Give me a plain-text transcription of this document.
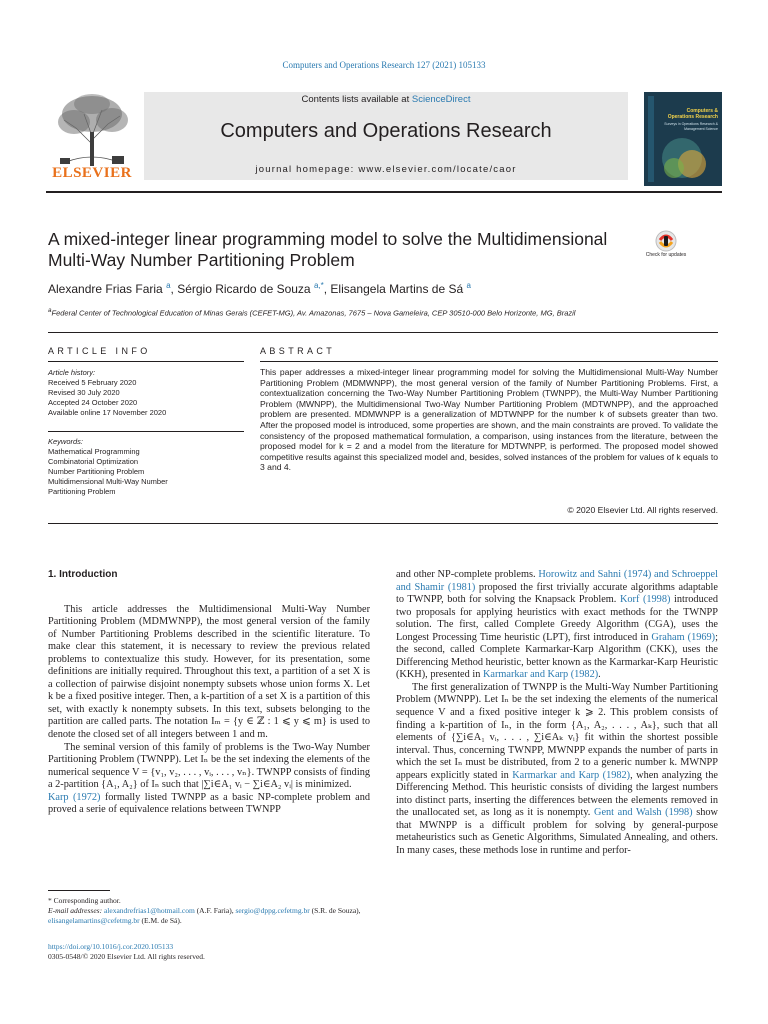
Computers and Operations Research 127 (2021) 105133
ELSEVIER
Contents lists available at ScienceDirect
Computers and Operations Research
journal homepage: www.elsevier.com/locate/caor
Computers & Operations Research
Surveys in Operations Research & Management Science
A mixed-integer linear programming model to solve the Multidimensional Multi-Way Number Partitioning Problem	Check for updates
Alexandre Frias Faria $^a$, Sérgio Ricardo de Souza $^{a,*}$, Elisangela Martins de Sá $^a$
$^a$Federal Center of Technological Education of Minas Gerais (CEFET-MG), Av. Amazonas, 7675 – Nova Gameleira, CEP 30510-000 Belo Horizonte, MG, Brazil
ARTICLE INFO	ABSTRACT
Article history:
Received 5 February 2020
Revised 30 July 2020
Accepted 24 October 2020
Available online 17 November 2020
Keywords:
Mathematical Programming
Combinatorial Optimization
Number Partitioning Problem
Multidimensional Multi-Way Number
Partitioning Problem

This paper addresses a mixed-integer linear programming model for solving the Multidimensional Multi-Way Number Partitioning Problem (MDMWNPP), the most general version of the family of Number Partitioning Problems. First, a contextualization concerning the Two-Way Number Partitioning Problem (TWNPP), the Multi-Way Number Partitioning Problem (MWNPP), the Multidimensional Two-Way Number Partitioning Problem (MDTWNPP), and the approached problem are presented. MDMWNPP is a generalization of MDTWNPP for the number k of subsets greater than two. After the proposed model is introduced, some properties are shown, and the main constraints are proved. To validate the consistency of the proposed mathematical formulation, a comparison, using instances from the literature, between the proposed model for k = 2 and a model from the literature for MDTWNPP, is performed. The proposed model showed competitive results against this specialized model and, besides, solved instances of the problem for values of k equals to 3 and 4.

© 2020 Elsevier Ltd. All rights reserved.

1. Introduction

This article addresses the Multidimensional Multi-Way Number Partitioning Problem (MDMWNPP), the most general version of the family of Number Partitioning Problems described in the scientific literature. To make clear this statement, it is necessary to review the previous related problems to contextualize this study. However, for its presentation, some definitions are initially required. Throughout this text, a partition of a set X is a collection of pairwise disjoint nonempty subsets whose union forms X. Let k be a fixed positive integer. Then, a k-partition of a set X is a partition of this set, with exactly k nonempty subsets. In this text, subsets belonging to the partition are called parts. The notation Iₘ = {y ∈ ℤ : 1 ⩽ y ⩽ m} is used to denote the closed set of all integers between 1 and m.

The seminal version of this family of problems is the Two-Way Number Partitioning Problem (TWNPP). Let Iₙ be the set indexing the elements of the numerical sequence V = {v₁, v₂, . . . , vᵢ, . . . , vₙ}. TWNPP consists of finding a 2-partition {A₁, A₂} of Iₙ such that |∑i∈A₁ vᵢ − ∑i∈A₂ vᵢ| is minimized.

Karp (1972) formally listed TWNPP as a basic NP-complete problem and proved a serie of equivalence relations between TWNPP

and other NP-complete problems. Horowitz and Sahni (1974) and Schroeppel and Shamir (1981) proposed the first trivially accurate algorithms adaptable to TWNPP, both for solving the Knapsack Problem. Korf (1998) introduced two proposals for applying heuristics with exact methods for the TWNPP solution. The first, called Complete Greedy Algorithm (CGA), uses the Longest Processing Time heuristic (LPT), first introduced in Graham (1969); the second, called Complete Karmarkar-Karp Algorithm (CKK), uses the Differencing Method heuristic, better known as the Karmarkar-Karp Heuristic (KKH), presented in Karmarkar and Karp (1982).

The first generalization of TWNPP is the Multi-Way Number Partitioning Problem (MWNPP). Let Iₙ be the set indexing the elements of the numerical sequence V and a fixed positive integer k ⩾ 2. This problem consists of finding a k-partition of Iₙ, in the form {A₁, A₂, . . . , Aₖ}, such that all elements of {∑i∈A₁ vᵢ, . . . , ∑i∈Aₖ vᵢ} fit within the shortest possible interval. Thus, concerning TWNPP, MWNPP expands the number of parts in which the set Iₙ must be distributed, from 2 to a generic number k. MWNPP appears explicitly stated in Karmarkar and Karp (1982), when analyzing the Differencing Method. This heuristic consists of dividing the largest numbers into distinct parts, inserting the differences between the elements removed in the unallocated set, as long as it is nonempty. Gent and Walsh (1998) show that MWNPP is a difficult problem for solving by general-purpose metaheuristics such as Genetic Algorithms, Simulated Annealing, and others. In many cases, these methods lose in runtime and perfor-

* Corresponding author.
E-mail addresses: alexandrefrias1@hotmail.com (A.F. Faria), sergio@dppg.cefetmg.br (S.R. de Souza), elisangelamartins@cefetmg.br (E.M. de Sá).
https://doi.org/10.1016/j.cor.2020.105133
0305-0548/© 2020 Elsevier Ltd. All rights reserved.
